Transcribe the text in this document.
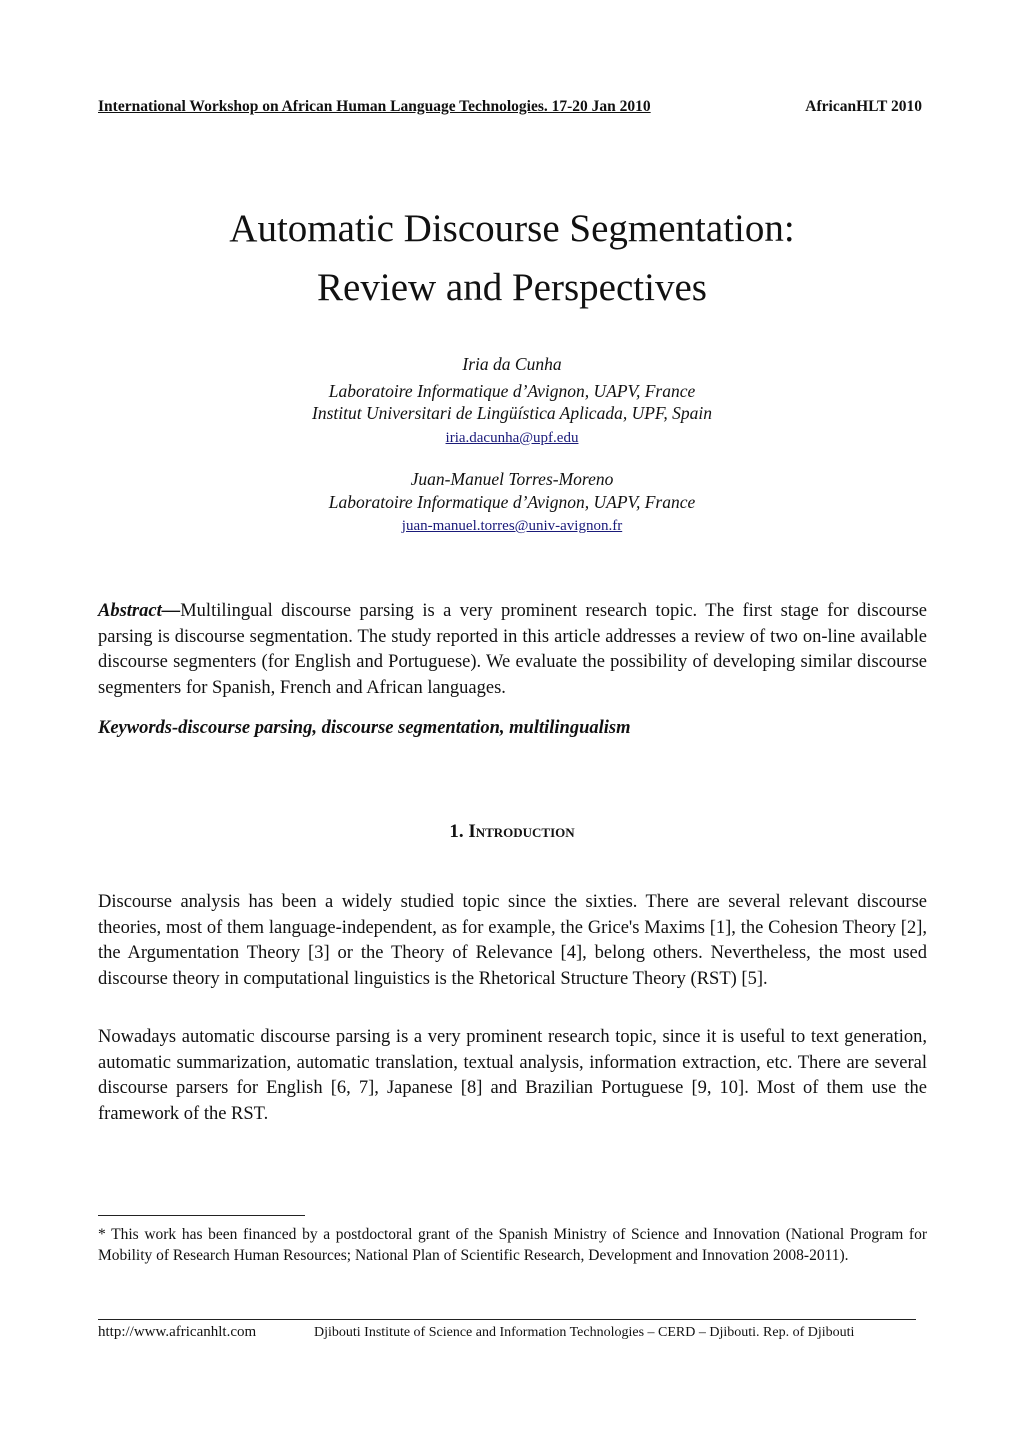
International Workshop on African Human Language Technologies. 17-20 Jan 2010	AfricanHLT 2010
Automatic Discourse Segmentation:
Review and Perspectives
Iria da Cunha
Laboratoire Informatique d’Avignon, UAPV, France
Institut Universitari de Lingüística Aplicada, UPF, Spain
iria.dacunha@upf.edu
Juan-Manuel Torres-Moreno
Laboratoire Informatique d’Avignon, UAPV, France
juan-manuel.torres@univ-avignon.fr
Abstract—Multilingual discourse parsing is a very prominent research topic. The first stage for discourse parsing is discourse segmentation. The study reported in this article addresses a review of two on-line available discourse segmenters (for English and Portuguese). We evaluate the possibility of developing similar discourse segmenters for Spanish, French and African languages.
Keywords-discourse parsing, discourse segmentation, multilingualism
1. Introduction
Discourse analysis has been a widely studied topic since the sixties. There are several relevant discourse theories, most of them language-independent, as for example, the Grice's Maxims [1], the Cohesion Theory [2], the Argumentation Theory [3] or the Theory of Relevance [4], belong others. Nevertheless, the most used discourse theory in computational linguistics is the Rhetorical Structure Theory (RST) [5].
Nowadays automatic discourse parsing is a very prominent research topic, since it is useful to text generation, automatic summarization, automatic translation, textual analysis, information extraction, etc. There are several discourse parsers for English [6, 7], Japanese [8] and Brazilian Portuguese [9, 10]. Most of them use the framework of the RST.
* This work has been financed by a postdoctoral grant of the Spanish Ministry of Science and Innovation (National Program for Mobility of Research Human Resources; National Plan of Scientific Research, Development and Innovation 2008-2011).
http://www.africanhlt.com	Djibouti Institute of Science and Information Technologies – CERD – Djibouti. Rep. of Djibouti
